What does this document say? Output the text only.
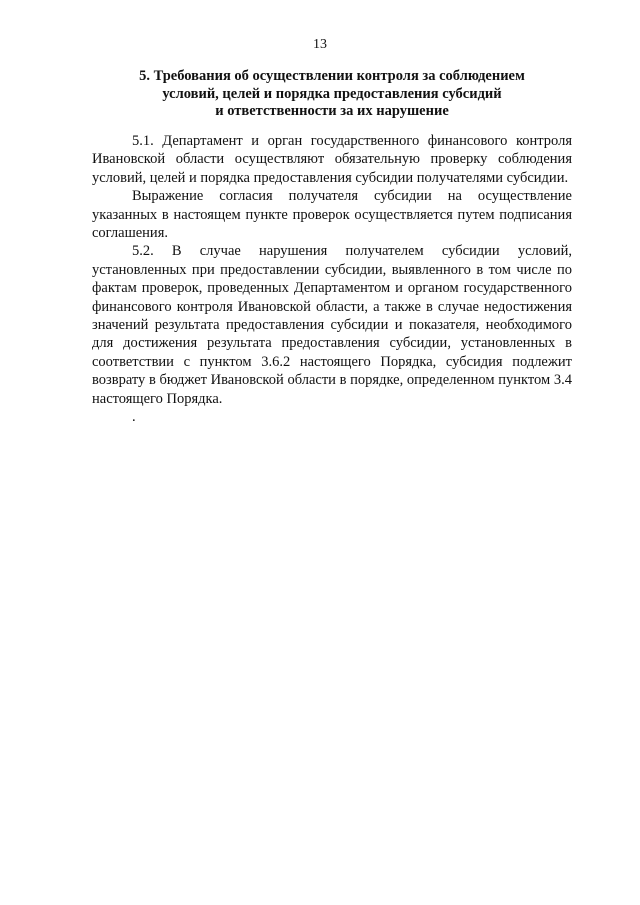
13
5. Требования об осуществлении контроля за соблюдением
условий, целей и порядка предоставления субсидий
и ответственности за их нарушение

5.1. Департамент и орган государственного финансового контроля Ивановской области осуществляют обязательную проверку соблюдения условий, целей и порядка предоставления субсидии получателями субсидии.

Выражение согласия получателя субсидии на осуществление указанных в настоящем пункте проверок осуществляется путем подписания соглашения.

5.2. В случае нарушения получателем субсидии условий, установленных при предоставлении субсидии, выявленного в том числе по фактам проверок, проведенных Департаментом и органом государственного финансового контроля Ивановской области, а также в случае недостижения значений результата предоставления субсидии и показателя, необходимого для достижения результата предоставления субсидии, установленных в соответствии с пунктом 3.6.2 настоящего Порядка, субсидия подлежит возврату в бюджет Ивановской области в порядке, определенном пунктом 3.4 настоящего Порядка.

.
